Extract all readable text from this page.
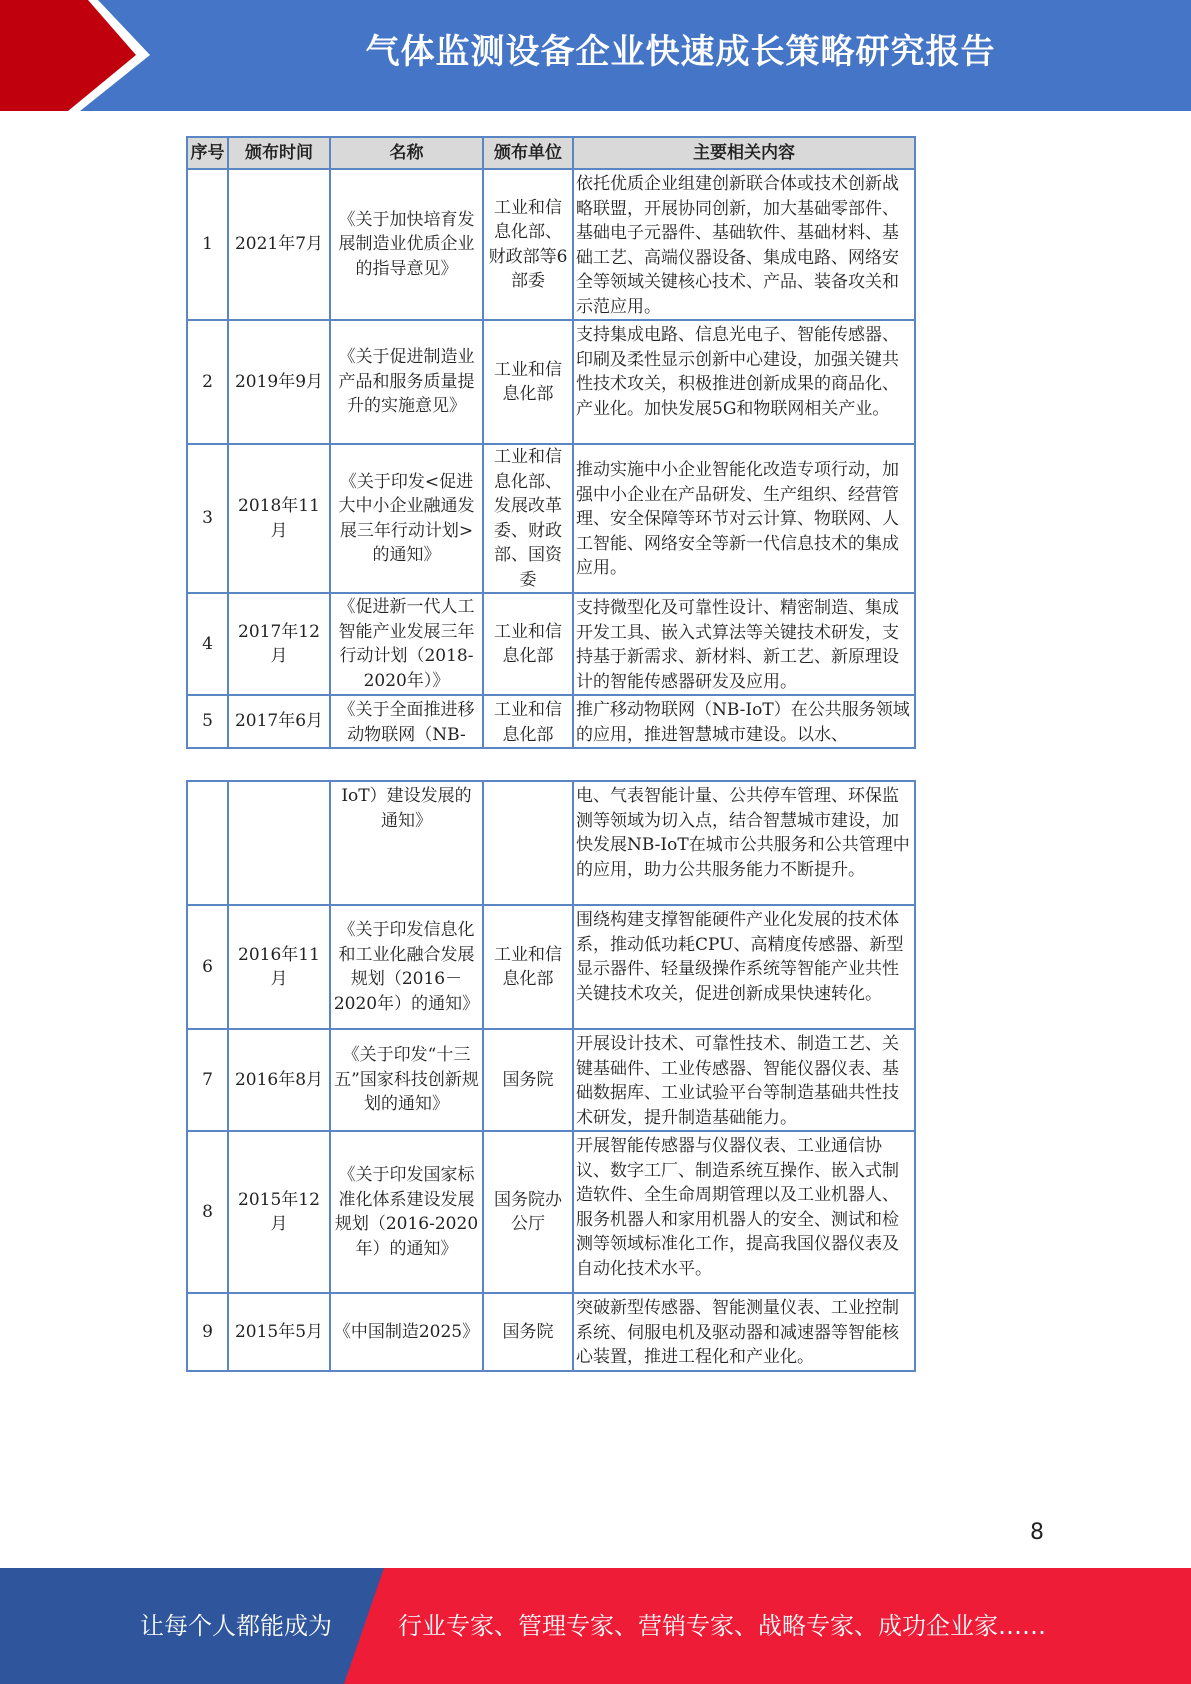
气体监测设备企业快速成长策略研究报告
序号	颁布时间	名称	颁布单位	主要相关内容
1	2021年7月	《关于加快培育发展制造业优质企业的指导意见》	工业和信息化部、财政部等6部委	依托优质企业组建创新联合体或技术创新战略联盟，开展协同创新，加大基础零部件、基础电子元器件、基础软件、基础材料、基础工艺、高端仪器设备、集成电路、网络安全等领域关键核心技术、产品、装备攻关和示范应用。
2	2019年9月	《关于促进制造业产品和服务质量提升的实施意见》	工业和信息化部	支持集成电路、信息光电子、智能传感器、印刷及柔性显示创新中心建设，加强关键共性技术攻关，积极推进创新成果的商品化、产业化。加快发展5G和物联网相关产业。
3	2018年11月	《关于印发<促进大中小企业融通发展三年行动计划>的通知》	工业和信息化部、发展改革委、财政部、国资委	推动实施中小企业智能化改造专项行动，加强中小企业在产品研发、生产组织、经营管理、安全保障等环节对云计算、物联网、人工智能、网络安全等新一代信息技术的集成应用。
4	2017年12月	《促进新一代人工智能产业发展三年行动计划（2018-2020年）》	工业和信息化部	支持微型化及可靠性设计、精密制造、集成开发工具、嵌入式算法等关键技术研发，支持基于新需求、新材料、新工艺、新原理设计的智能传感器研发及应用。
5	2017年6月	《关于全面推进移动物联网（NB-	工业和信息化部	推广移动物联网（NB-IoT）在公共服务领域的应用，推进智慧城市建设。以水、
		IoT）建设发展的通知》		电、气表智能计量、公共停车管理、环保监测等领域为切入点，结合智慧城市建设，加快发展NB-IoT在城市公共服务和公共管理中的应用，助力公共服务能力不断提升。
6	2016年11月	《关于印发信息化和工业化融合发展规划（2016－2020年）的通知》	工业和信息化部	围绕构建支撑智能硬件产业化发展的技术体系，推动低功耗CPU、高精度传感器、新型显示器件、轻量级操作系统等智能产业共性关键技术攻关，促进创新成果快速转化。
7	2016年8月	《关于印发“十三五”国家科技创新规划的通知》	国务院	开展设计技术、可靠性技术、制造工艺、关键基础件、工业传感器、智能仪器仪表、基础数据库、工业试验平台等制造基础共性技术研发，提升制造基础能力。
8	2015年12月	《关于印发国家标准化体系建设发展规划（2016-2020年）的通知》	国务院办公厅	开展智能传感器与仪器仪表、工业通信协议、数字工厂、制造系统互操作、嵌入式制造软件、全生命周期管理以及工业机器人、服务机器人和家用机器人的安全、测试和检测等领域标准化工作，提高我国仪器仪表及自动化技术水平。
9	2015年5月	《中国制造2025》	国务院	突破新型传感器、智能测量仪表、工业控制系统、伺服电机及驱动器和减速器等智能核心装置，推进工程化和产业化。
8
让每个人都能成为	行业专家、管理专家、营销专家、战略专家、成功企业家……
